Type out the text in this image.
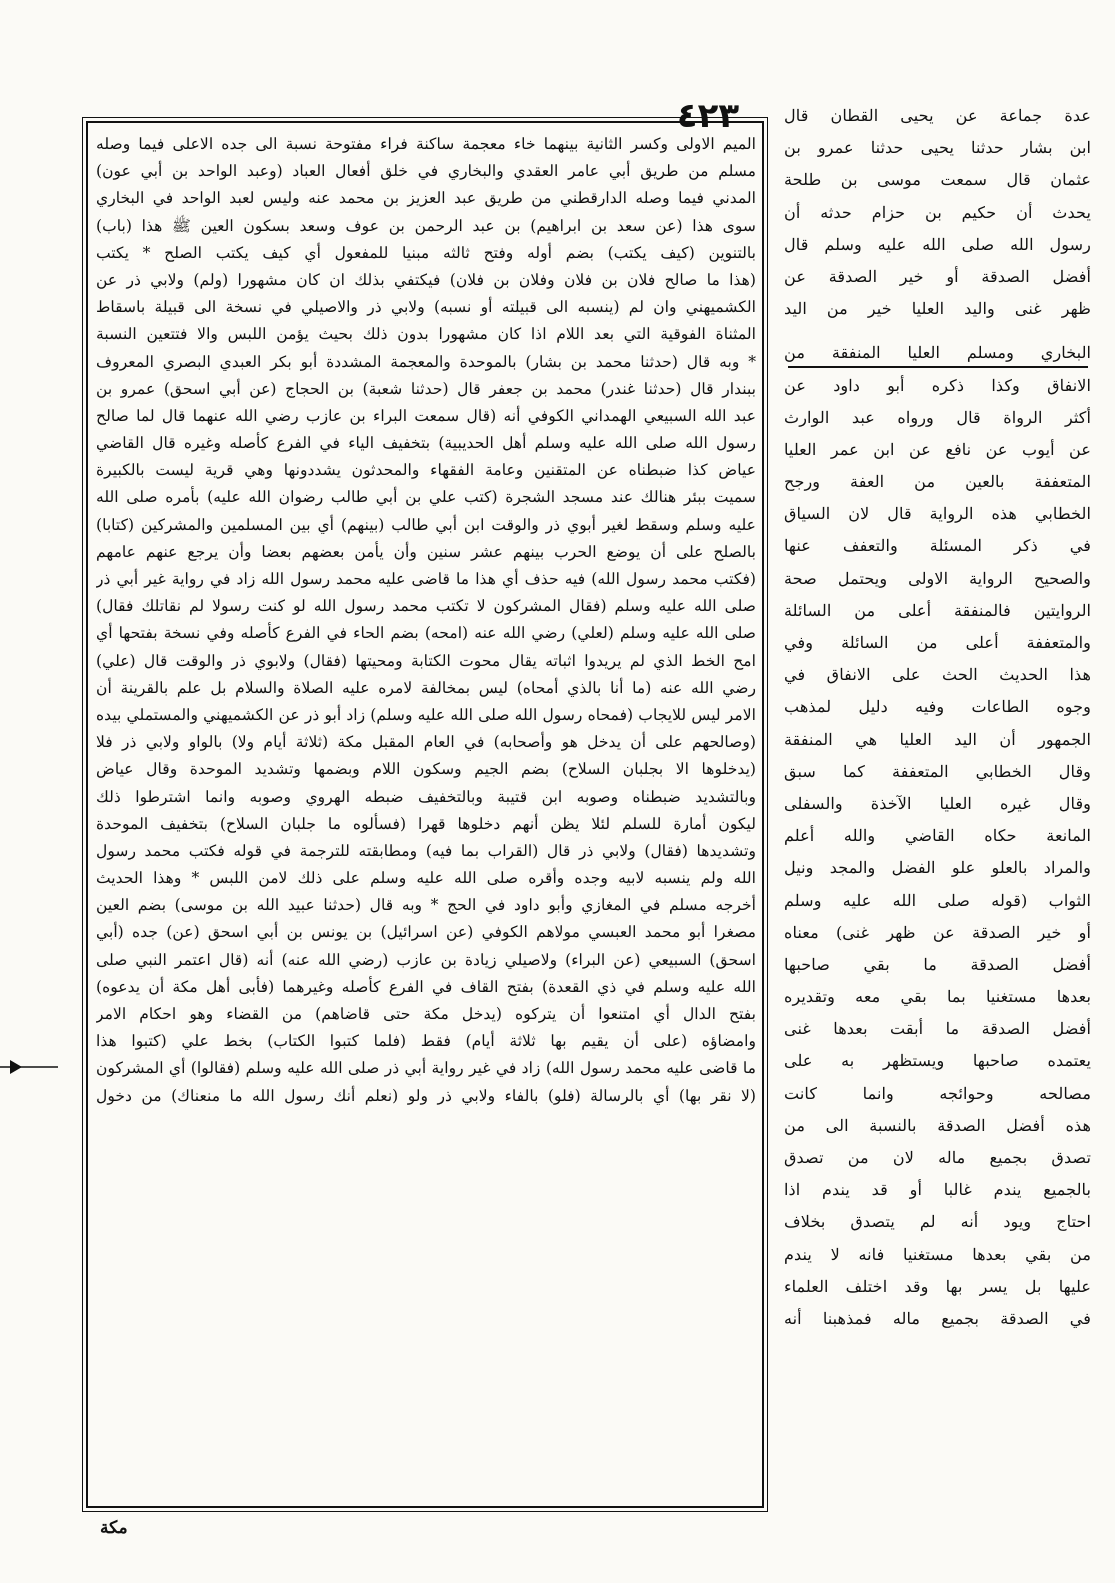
٤٢٣
الميم الاولى وكسر الثانية بينهما خاء معجمة ساكنة فراء مفتوحة نسبة الى جده الاعلى فيما وصله
مسلم من طريق أبي عامر العقدي والبخاري في خلق أفعال العباد (وعبد الواحد بن أبي عون)
المدني فيما وصله الدارقطني من طريق عبد العزيز بن محمد عنه وليس لعبد الواحد في البخاري
سوى هذا (عن سعد بن ابراهيم) بن عبد الرحمن بن عوف وسعد بسكون العين ﷺ هذا (باب)
بالتنوين (كيف يكتب) بضم أوله وفتح ثالثه مبنيا للمفعول أي كيف يكتب الصلح * يكتب
(هذا ما صالح فلان بن فلان وفلان بن فلان) فيكتفي بذلك ان كان مشهورا (ولم) ولابي ذر عن
الكشميهني وان لم (ينسبه الى قبيلته أو نسبه) ولابي ذر والاصيلي في نسخة الى قبيلة باسقاط
المثناة الفوقية التي بعد اللام اذا كان مشهورا بدون ذلك بحيث يؤمن اللبس والا فتتعين النسبة
* وبه قال (حدثنا محمد بن بشار) بالموحدة والمعجمة المشددة أبو بكر العبدي البصري المعروف
ببندار قال (حدثنا غندر) محمد بن جعفر قال (حدثنا شعبة) بن الحجاج (عن أبي اسحق) عمرو بن
عبد الله السبيعي الهمداني الكوفي أنه (قال سمعت البراء بن عازب رضي الله عنهما قال لما صالح
رسول الله صلى الله عليه وسلم أهل الحديبية) بتخفيف الياء في الفرع كأصله وغيره قال القاضي
عياض كذا ضبطناه عن المتقنين وعامة الفقهاء والمحدثون يشددونها وهي قرية ليست بالكبيرة
سميت ببئر هنالك عند مسجد الشجرة (كتب علي بن أبي طالب رضوان الله عليه) بأمره صلى الله
عليه وسلم وسقط لغير أبوي ذر والوقت ابن أبي طالب (بينهم) أي بين المسلمين والمشركين (كتابا)
بالصلح على أن يوضع الحرب بينهم عشر سنين وأن يأمن بعضهم بعضا وأن يرجع عنهم عامهم
(فكتب محمد رسول الله) فيه حذف أي هذا ما قاضى عليه محمد رسول الله زاد في رواية غير أبي ذر
صلى الله عليه وسلم (فقال المشركون لا تكتب محمد رسول الله لو كنت رسولا لم نقاتلك فقال)
صلى الله عليه وسلم (لعلي) رضي الله عنه (امحه) بضم الحاء في الفرع كأصله وفي نسخة بفتحها أي
امح الخط الذي لم يريدوا اثباته يقال محوت الكتابة ومحيتها (فقال) ولابوي ذر والوقت قال (علي)
رضي الله عنه (ما أنا بالذي أمحاه) ليس بمخالفة لامره عليه الصلاة والسلام بل علم بالقرينة أن
الامر ليس للايجاب (فمحاه رسول الله صلى الله عليه وسلم) زاد أبو ذر عن الكشميهني والمستملي بيده
(وصالحهم على أن يدخل هو وأصحابه) في العام المقبل مكة (ثلاثة أيام ولا) بالواو ولابي ذر فلا
(يدخلوها الا بجلبان السلاح) بضم الجيم وسكون اللام وبضمها وتشديد الموحدة وقال عياض
وبالتشديد ضبطناه وصوبه ابن قتيبة وبالتخفيف ضبطه الهروي وصوبه وانما اشترطوا ذلك
ليكون أمارة للسلم لئلا يظن أنهم دخلوها قهرا (فسألوه ما جلبان السلاح) بتخفيف الموحدة
وتشديدها (فقال) ولابي ذر قال (القراب بما فيه) ومطابقته للترجمة في قوله فكتب محمد رسول
الله ولم ينسبه لابيه وجده وأقره صلى الله عليه وسلم على ذلك لامن اللبس * وهذا الحديث
أخرجه مسلم في المغازي وأبو داود في الحج * وبه قال (حدثنا عبيد الله بن موسى) بضم العين
مصغرا أبو محمد العبسي مولاهم الكوفي (عن اسرائيل) بن يونس بن أبي اسحق (عن) جده (أبي
اسحق) السبيعي (عن البراء) ولاصيلي زيادة بن عازب (رضي الله عنه) أنه (قال اعتمر النبي صلى
الله عليه وسلم في ذي القعدة) بفتح القاف في الفرع كأصله وغيرهما (فأبى أهل مكة أن يدعوه)
بفتح الدال أي امتنعوا أن يتركوه (يدخل مكة حتى قاضاهم) من القضاء وهو احكام الامر
وامضاؤه (على أن يقيم بها ثلاثة أيام) فقط (فلما كتبوا الكتاب) بخط علي (كتبوا هذا
ما قاضى عليه محمد رسول الله) زاد في غير رواية أبي ذر صلى الله عليه وسلم (فقالوا) أي المشركون
(لا نقر بها) أي بالرسالة (فلو) بالفاء ولابي ذر ولو (نعلم أنك رسول الله ما منعناك) من دخول
عدة جماعة عن يحيى القطان قال
ابن بشار حدثنا يحيى حدثنا عمرو بن
عثمان قال سمعت موسى بن طلحة
يحدث أن حكيم بن حزام حدثه أن
رسول الله صلى الله عليه وسلم قال
أفضل الصدقة أو خير الصدقة عن
ظهر غنى واليد العليا خير من اليد
البخاري ومسلم العليا المنفقة من
الانفاق وكذا ذكره أبو داود عن
أكثر الرواة قال ورواه عبد الوارث
عن أيوب عن نافع عن ابن عمر العليا
المتعففة بالعين من العفة ورجح
الخطابي هذه الرواية قال لان السياق
في ذكر المسئلة والتعفف عنها
والصحيح الرواية الاولى ويحتمل صحة
الروايتين فالمنفقة أعلى من السائلة
والمتعففة أعلى من السائلة وفي
هذا الحديث الحث على الانفاق في
وجوه الطاعات وفيه دليل لمذهب
الجمهور أن اليد العليا هي المنفقة
وقال الخطابي المتعففة كما سبق
وقال غيره العليا الآخذة والسفلى
المانعة حكاه القاضي والله أعلم
والمراد بالعلو علو الفضل والمجد ونيل
الثواب (قوله صلى الله عليه وسلم
أو خير الصدقة عن ظهر غنى) معناه
أفضل الصدقة ما بقي صاحبها
بعدها مستغنيا بما بقي معه وتقديره
أفضل الصدقة ما أبقت بعدها غنى
يعتمده صاحبها ويستظهر به على
مصالحه وحوائجه وانما كانت
هذه أفضل الصدقة بالنسبة الى من
تصدق بجميع ماله لان من تصدق
بالجميع يندم غالبا أو قد يندم اذا
احتاج ويود أنه لم يتصدق بخلاف
من بقي بعدها مستغنيا فانه لا يندم
عليها بل يسر بها وقد اختلف العلماء
في الصدقة بجميع ماله فمذهبنا أنه
مكة
